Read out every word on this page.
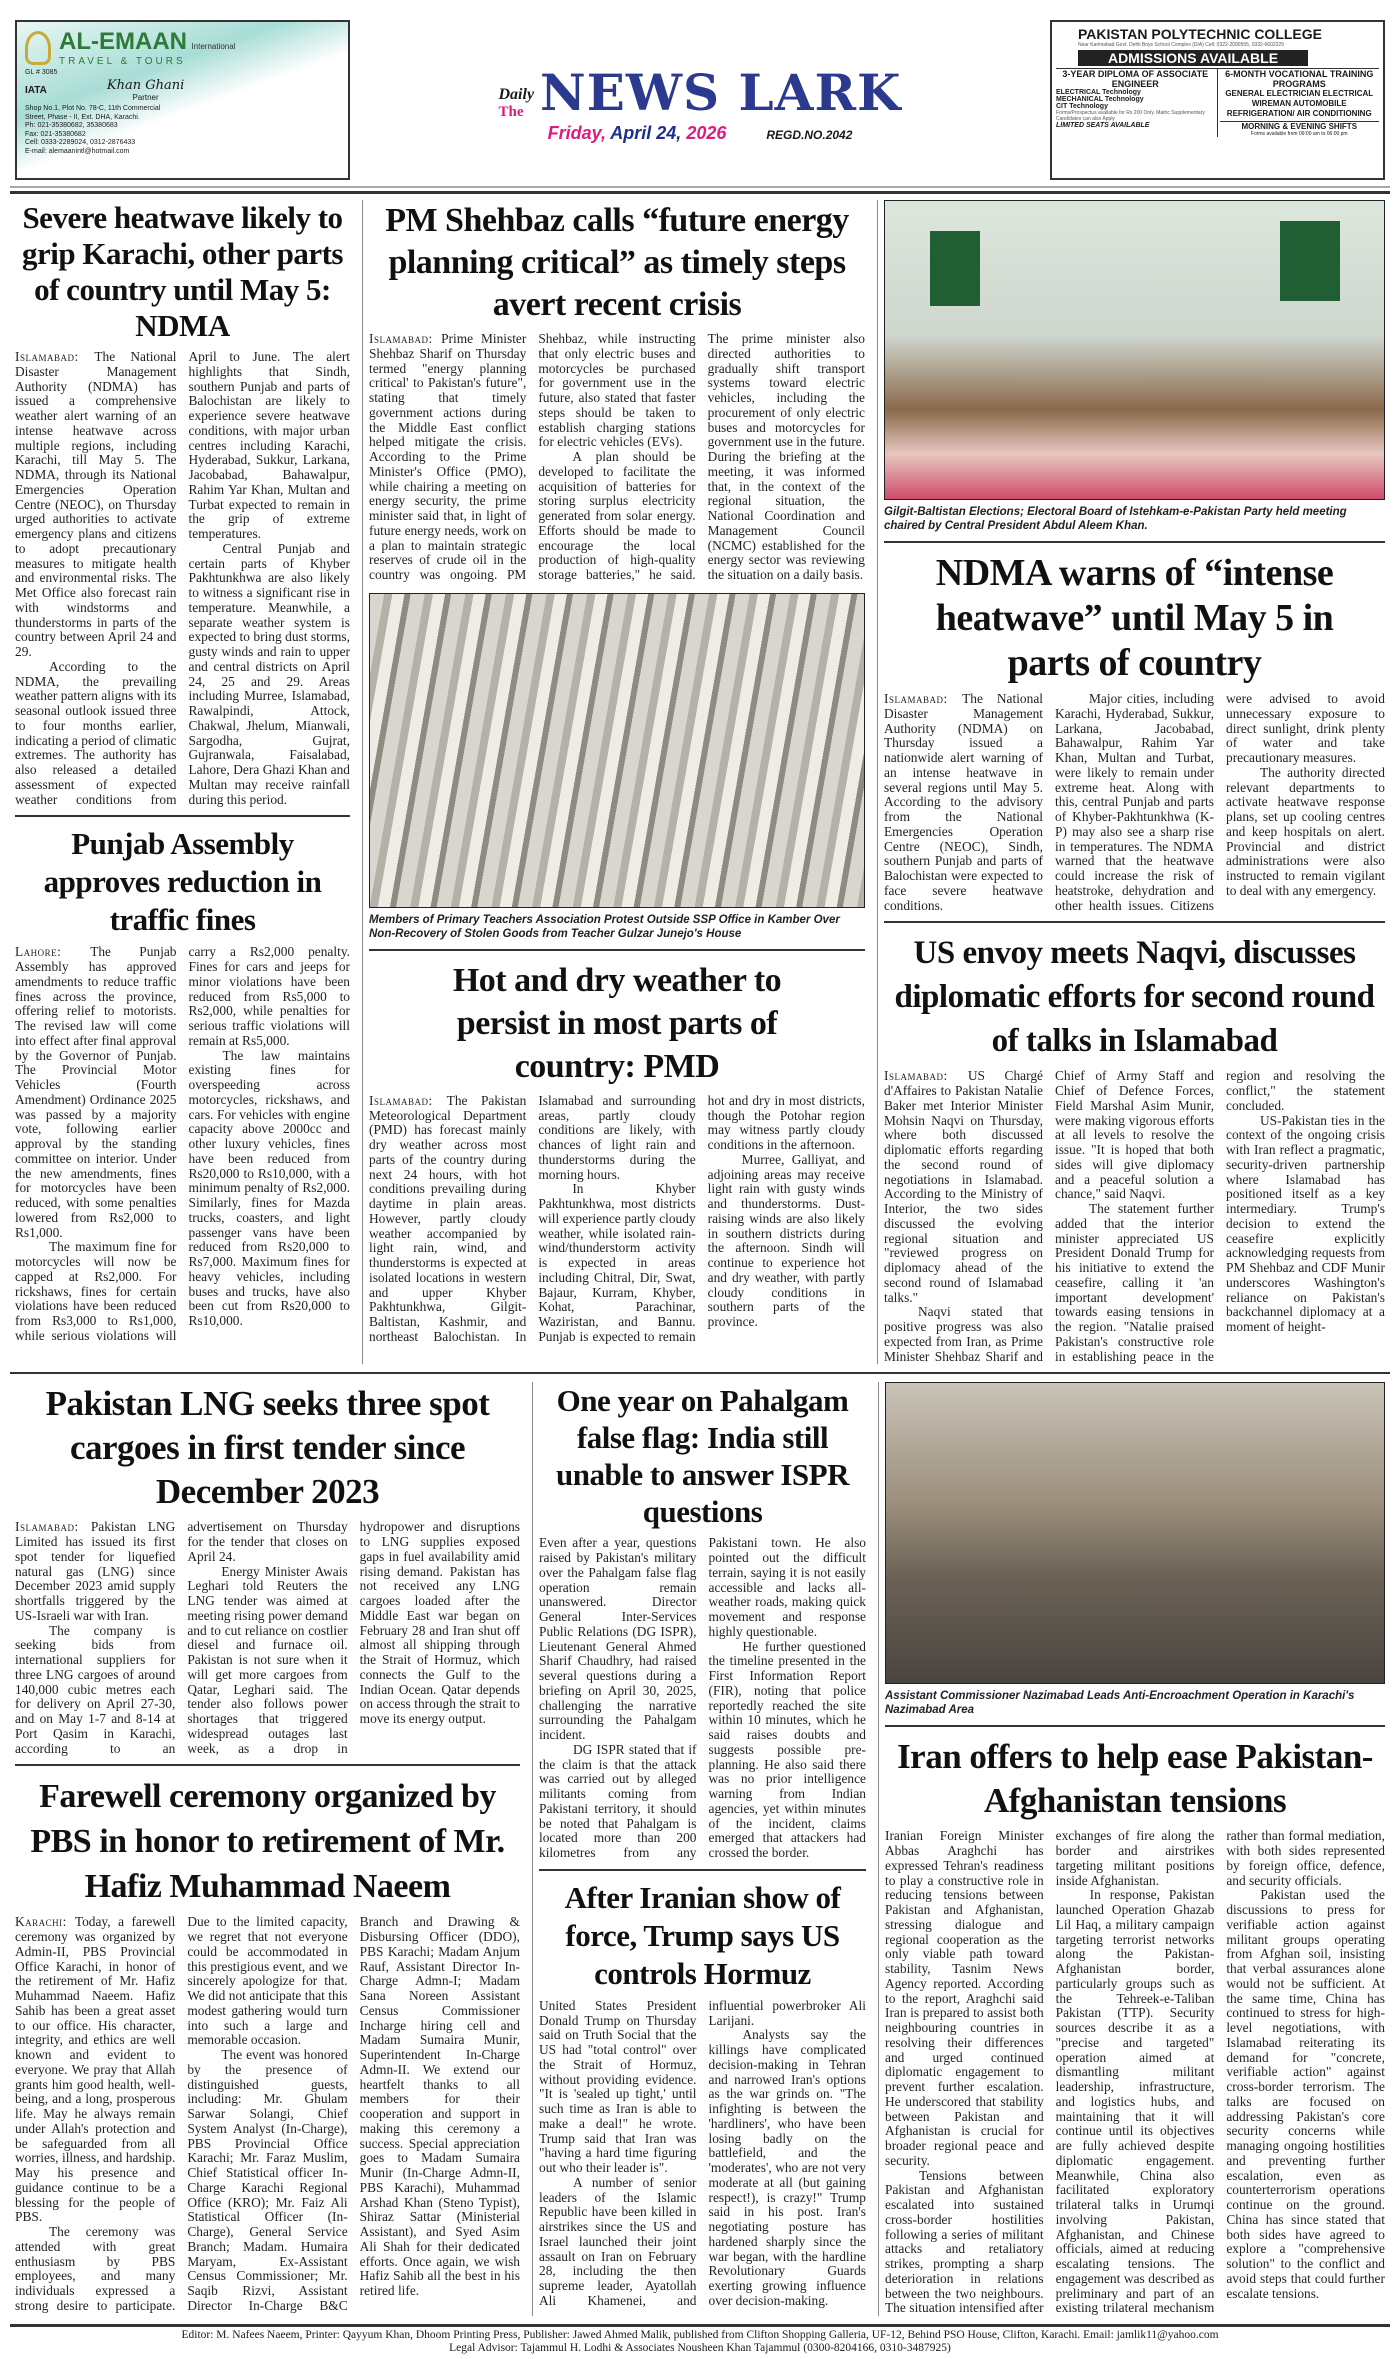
AL-EMAAN International
TRAVEL & TOURS
GL # 3085
IATA	Khan Ghani
Partner
Shop No.1, Plot No. 78-C, 11th Commercial
Street, Phase - II, Ext. DHA, Karachi.
Ph: 021-35380682, 35380683
Fax: 021-35380682
Cell: 0333-2289024, 0312-2876433
E-mail: alemaanintl@hotmail.com
Daily
The NEWS LARK
Friday, April 24, 2026	REGD.NO.2042
PAKISTAN POLYTECHNIC COLLEGE
Near Karimabad Govt. Dehli Boys School Complex (D/A) Cell: 0322-2090555, 0332-6602229
ADMISSIONS AVAILABLE
3-YEAR DIPLOMA OF ASSOCIATE ENGINEER
ELECTRICAL Technology
MECHANICAL Technology
CIT Technology
Forms/Prospectus available for Rs 200 Only. Matric Supplementary Candidates can also Apply
LIMITED SEATS AVAILABLE
6-MONTH VOCATIONAL TRAINING PROGRAMS
GENERAL ELECTRICIAN ELECTRICAL WIREMAN AUTOMOBILE REFRIGERATION/ AIR CONDITIONING
MORNING & EVENING SHIFTS
Forms available from 09:00 am to 06:00 pm
Severe heatwave likely to grip Karachi, other parts of country until May 5: NDMA

Islamabad: The National Disaster Management Authority (NDMA) has issued a comprehensive weather alert warning of an intense heatwave across multiple regions, including Karachi, till May 5. The NDMA, through its National Emergencies Operation Centre (NEOC), on Thursday urged authorities to activate emergency plans and citizens to adopt precautionary measures to mitigate health and environmental risks. The Met Office also forecast rain with windstorms and thunderstorms in parts of the country between April 24 and 29.

According to the NDMA, the prevailing weather pattern aligns with its seasonal outlook issued three to four months earlier, indicating a period of climatic extremes. The authority has also released a detailed assessment of expected weather conditions from April to June. The alert highlights that Sindh, southern Punjab and parts of Balochistan are likely to experience severe heatwave conditions, with major urban centres including Karachi, Hyderabad, Sukkur, Larkana, Jacobabad, Bahawalpur, Rahim Yar Khan, Multan and Turbat expected to remain in the grip of extreme temperatures.

Central Punjab and certain parts of Khyber Pakhtunkhwa are also likely to witness a significant rise in temperature. Meanwhile, a separate weather system is expected to bring dust storms, gusty winds and rain to upper and central districts on April 24, 25 and 29. Areas including Murree, Islamabad, Rawalpindi, Attock, Chakwal, Jhelum, Mianwali, Sargodha, Gujrat, Gujranwala, Faisalabad, Lahore, Dera Ghazi Khan and Multan may receive rainfall during this period.

Punjab Assembly approves reduction in traffic fines

Lahore: The Punjab Assembly has approved amendments to reduce traffic fines across the province, offering relief to motorists. The revised law will come into effect after final approval by the Governor of Punjab. The Provincial Motor Vehicles (Fourth Amendment) Ordinance 2025 was passed by a majority vote, following earlier approval by the standing committee on interior. Under the new amendments, fines for motorcycles have been reduced, with some penalties lowered from Rs2,000 to Rs1,000.

The maximum fine for motorcycles will now be capped at Rs2,000. For rickshaws, fines for certain violations have been reduced from Rs3,000 to Rs1,000, while serious violations will carry a Rs2,000 penalty. Fines for cars and jeeps for minor violations have been reduced from Rs5,000 to Rs2,000, while penalties for serious traffic violations will remain at Rs5,000.

The law maintains existing fines for overspeeding across motorcycles, rickshaws, and cars. For vehicles with engine capacity above 2000cc and other luxury vehicles, fines have been reduced from Rs20,000 to Rs10,000, with a minimum penalty of Rs2,000. Similarly, fines for Mazda trucks, coasters, and light passenger vans have been reduced from Rs20,000 to Rs7,000. Maximum fines for heavy vehicles, including buses and trucks, have also been cut from Rs20,000 to Rs10,000.

PM Shehbaz calls “future energy planning critical” as timely steps avert recent crisis

Islamabad: Prime Minister Shehbaz Sharif on Thursday termed "energy planning critical' to Pakistan's future", stating that timely government actions during the Middle East conflict helped mitigate the crisis. According to the Prime Minister's Office (PMO), while chairing a meeting on energy security, the prime minister said that, in light of future energy needs, work on a plan to maintain strategic reserves of crude oil in the country was ongoing. PM Shehbaz, while instructing that only electric buses and motorcycles be purchased for government use in the future, also stated that faster steps should be taken to establish charging stations for electric vehicles (EVs).

A plan should be developed to facilitate the acquisition of batteries for storing surplus electricity generated from solar energy. Efforts should be made to encourage the local production of high-quality storage batteries," he said. The prime minister also directed authorities to gradually shift transport systems toward electric vehicles, including the procurement of only electric buses and motorcycles for government use in the future. During the briefing at the meeting, it was informed that, in the context of the regional situation, the National Coordination and Management Council (NCMC) established for the energy sector was reviewing the situation on a daily basis.

Members of Primary Teachers Association Protest Outside SSP Office in Kamber Over Non-Recovery of Stolen Goods from Teacher Gulzar Junejo's House
Hot and dry weather to persist in most parts of country: PMD

Islamabad: The Pakistan Meteorological Department (PMD) has forecast mainly dry weather across most parts of the country during next 24 hours, with hot conditions prevailing during daytime in plain areas. However, partly cloudy weather accompanied by light rain, wind, and thunderstorms is expected at isolated locations in western and upper Khyber Pakhtunkhwa, Gilgit-Baltistan, Kashmir, and northeast Balochistan. In Islamabad and surrounding areas, partly cloudy conditions are likely, with chances of light rain and thunderstorms during the morning hours.

In Khyber Pakhtunkhwa, most districts will experience partly cloudy weather, while isolated rain-wind/thunderstorm activity is expected in areas including Chitral, Dir, Swat, Bajaur, Kurram, Khyber, Kohat, Parachinar, Waziristan, and Bannu. Punjab is expected to remain hot and dry in most districts, though the Potohar region may witness partly cloudy conditions in the afternoon.

Murree, Galliyat, and adjoining areas may receive light rain with gusty winds and thunderstorms. Dust-raising winds are also likely in southern districts during the afternoon. Sindh will continue to experience hot and dry weather, with partly cloudy conditions in southern parts of the province.

Gilgit-Baltistan Elections; Electoral Board of Istehkam-e-Pakistan Party held meeting chaired by Central President Abdul Aleem Khan.
NDMA warns of “intense heatwave” until May 5 in parts of country

Islamabad: The National Disaster Management Authority (NDMA) on Thursday issued a nationwide alert warning of an intense heatwave in several regions until May 5. According to the advisory from the National Emergencies Operation Centre (NEOC), Sindh, southern Punjab and parts of Balochistan were expected to face severe heatwave conditions.

Major cities, including Karachi, Hyderabad, Sukkur, Larkana, Jacobabad, Bahawalpur, Rahim Yar Khan, Multan and Turbat, were likely to remain under extreme heat. Along with this, central Punjab and parts of Khyber-Pakhtunkhwa (K-P) may also see a sharp rise in temperatures. The NDMA warned that the heatwave could increase the risk of heatstroke, dehydration and other health issues. Citizens were advised to avoid unnecessary exposure to direct sunlight, drink plenty of water and take precautionary measures.

The authority directed relevant departments to activate heatwave response plans, set up cooling centres and keep hospitals on alert. Provincial and district administrations were also instructed to remain vigilant to deal with any emergency.

US envoy meets Naqvi, discusses diplomatic efforts for second round of talks in Islamabad

Islamabad: US Chargé d'Affaires to Pakistan Natalie Baker met Interior Minister Mohsin Naqvi on Thursday, where both discussed diplomatic efforts regarding the second round of negotiations in Islamabad. According to the Ministry of Interior, the two sides discussed the evolving regional situation and "reviewed progress on diplomacy ahead of the second round of Islamabad talks."

Naqvi stated that positive progress was also expected from Iran, as Prime Minister Shehbaz Sharif and Chief of Army Staff and Chief of Defence Forces, Field Marshal Asim Munir, were making vigorous efforts at all levels to resolve the issue. "It is hoped that both sides will give diplomacy and a peaceful solution a chance," said Naqvi.

The statement further added that the interior minister appreciated US President Donald Trump for his initiative to extend the ceasefire, calling it 'an important development' towards easing tensions in the region. "Natalie praised Pakistan's constructive role in establishing peace in the region and resolving the conflict," the statement concluded.

US-Pakistan ties in the context of the ongoing crisis with Iran reflect a pragmatic, security-driven partnership where Islamabad has positioned itself as a key intermediary. Trump's decision to extend the ceasefire explicitly acknowledging requests from PM Shehbaz and CDF Munir underscores Washington's reliance on Pakistan's backchannel diplomacy at a moment of height-

Pakistan LNG seeks three spot cargoes in first tender since December 2023

Islamabad: Pakistan LNG Limited has issued its first spot tender for liquefied natural gas (LNG) since December 2023 amid supply shortfalls triggered by the US-Israeli war with Iran.

The company is seeking bids from international suppliers for three LNG cargoes of around 140,000 cubic metres each for delivery on April 27-30, and on May 1-7 and 8-14 at Port Qasim in Karachi, according to an advertisement on Thursday for the tender that closes on April 24.

Energy Minister Awais Leghari told Reuters the LNG tender was aimed at meeting rising power demand and to cut reliance on costlier diesel and furnace oil. Pakistan is not sure when it will get more cargoes from Qatar, Leghari said. The tender also follows power shortages that triggered widespread outages last week, as a drop in hydropower and disruptions to LNG supplies exposed gaps in fuel availability amid rising demand. Pakistan has not received any LNG cargoes loaded after the Middle East war began on February 28 and Iran shut off almost all shipping through the Strait of Hormuz, which connects the Gulf to the Indian Ocean. Qatar depends on access through the strait to move its energy output.

Farewell ceremony organized by PBS in honor to retirement of Mr. Hafiz Muhammad Naeem

Karachi: Today, a farewell ceremony was organized by Admin-II, PBS Provincial Office Karachi, in honor of the retirement of Mr. Hafiz Muhammad Naeem. Hafiz Sahib has been a great asset to our office. His character, integrity, and ethics are well known and evident to everyone. We pray that Allah grants him good health, well-being, and a long, prosperous life. May he always remain under Allah's protection and be safeguarded from all worries, illness, and hardship. May his presence and guidance continue to be a blessing for the people of PBS.

The ceremony was attended with great enthusiasm by PBS employees, and many individuals expressed a strong desire to participate. Due to the limited capacity, we regret that not everyone could be accommodated in this prestigious event, and we sincerely apologize for that. We did not anticipate that this modest gathering would turn into such a large and memorable occasion.

The event was honored by the presence of distinguished guests, including: Mr. Ghulam Sarwar Solangi, Chief System Analyst (In-Charge), PBS Provincial Office Karachi; Mr. Faraz Muslim, Chief Statistical officer In-Charge Karachi Regional Office (KRO); Mr. Faiz Ali Statistical Officer (In-Charge), General Service Branch; Madam. Humaira Maryam, Ex-Assistant Census Commissioner; Mr. Saqib Rizvi, Assistant Director In-Charge B&C Branch and Drawing & Disbursing Officer (DDO), PBS Karachi; Madam Anjum Rauf, Assistant Director In-Charge Admn-I; Madam Sana Noreen Assistant Census Commissioner Incharge hiring cell and Madam Sumaira Munir, Superintendent In-Charge Admn-II. We extend our heartfelt thanks to all members for their cooperation and support in making this ceremony a success. Special appreciation goes to Madam Sumaira Munir (In-Charge Admn-II, PBS Karachi), Muhammad Arshad Khan (Steno Typist), Shiraz Sattar (Ministerial Assistant), and Syed Asim Ali Shah for their dedicated efforts. Once again, we wish Hafiz Sahib all the best in his retired life.

One year on Pahalgam false flag: India still unable to answer ISPR questions

Even after a year, questions raised by Pakistan's military over the Pahalgam false flag operation remain unanswered. Director General Inter-Services Public Relations (DG ISPR), Lieutenant General Ahmed Sharif Chaudhry, had raised several questions during a briefing on April 30, 2025, challenging the narrative surrounding the Pahalgam incident.

DG ISPR stated that if the claim is that the attack was carried out by alleged militants coming from Pakistani territory, it should be noted that Pahalgam is located more than 200 kilometres from any Pakistani town. He also pointed out the difficult terrain, saying it is not easily accessible and lacks all-weather roads, making quick movement and response highly questionable.

He further questioned the timeline presented in the First Information Report (FIR), noting that police reportedly reached the site within 10 minutes, which he said raises doubts and suggests possible pre-planning. He also said there was no prior intelligence warning from Indian agencies, yet within minutes of the incident, claims emerged that attackers had crossed the border.

After Iranian show of force, Trump says US controls Hormuz

United States President Donald Trump on Thursday said on Truth Social that the US had "total control" over the Strait of Hormuz, without providing evidence. "It is 'sealed up tight,' until such time as Iran is able to make a deal!" he wrote. Trump said that Iran was "having a hard time figuring out who their leader is".

A number of senior leaders of the Islamic Republic have been killed in airstrikes since the US and Israel launched their joint assault on Iran on February 28, including the then supreme leader, Ayatollah Ali Khamenei, and influential powerbroker Ali Larijani.

Analysts say the killings have complicated decision-making in Tehran and narrowed Iran's options as the war grinds on. "The infighting is between the 'hardliners', who have been losing badly on the battlefield, and the 'moderates', who are not very moderate at all (but gaining respect!), is crazy!" Trump said in his post. Iran's negotiating posture has hardened sharply since the war began, with the hardline Revolutionary Guards exerting growing influence over decision-making.

Assistant Commissioner Nazimabad Leads Anti-Encroachment Operation in Karachi's Nazimabad Area
Iran offers to help ease Pakistan-Afghanistan tensions

Iranian Foreign Minister Abbas Araghchi has expressed Tehran's readiness to play a constructive role in reducing tensions between Pakistan and Afghanistan, stressing dialogue and regional cooperation as the only viable path toward stability, Tasnim News Agency reported. According to the report, Araghchi said Iran is prepared to assist both neighbouring countries in resolving their differences and urged continued diplomatic engagement to prevent further escalation. He underscored that stability between Pakistan and Afghanistan is crucial for broader regional peace and security.

Tensions between Pakistan and Afghanistan escalated into sustained cross-border hostilities following a series of militant attacks and retaliatory strikes, prompting a sharp deterioration in relations between the two neighbours. The situation intensified after exchanges of fire along the border and airstrikes targeting militant positions inside Afghanistan.

In response, Pakistan launched Operation Ghazab Lil Haq, a military campaign targeting terrorist networks along the Pakistan-Afghanistan border, particularly groups such as the Tehreek-e-Taliban Pakistan (TTP). Security sources describe it as a "precise and targeted" operation aimed at dismantling militant leadership, infrastructure, and logistics hubs, and maintaining that it will continue until its objectives are fully achieved despite diplomatic engagement. Meanwhile, China also facilitated exploratory trilateral talks in Urumqi involving Pakistan, Afghanistan, and Chinese officials, aimed at reducing escalating tensions. The engagement was described as preliminary and part of an existing trilateral mechanism rather than formal mediation, with both sides represented by foreign office, defence, and security officials.

Pakistan used the discussions to press for verifiable action against militant groups operating from Afghan soil, insisting that verbal assurances alone would not be sufficient. At the same time, China has continued to stress for high-level negotiations, with Islamabad reiterating its demand for "concrete, verifiable action" against cross-border terrorism. The talks are focused on addressing Pakistan's core security concerns while managing ongoing hostilities and preventing further escalation, even as counterterrorism operations continue on the ground. China has since stated that both sides have agreed to explore a "comprehensive solution" to the conflict and avoid steps that could further escalate tensions.

Editor: M. Nafees Naeem, Printer: Qayyum Khan, Dhoom Printing Press, Publisher: Jawed Ahmed Malik, published from Clifton Shopping Galleria, UF-12, Behind PSO House, Clifton, Karachi. Email: jamlik11@yahoo.com
Legal Advisor: Tajammul H. Lodhi & Associates Nousheen Khan Tajammul (0300-8204166, 0310-3487925)
